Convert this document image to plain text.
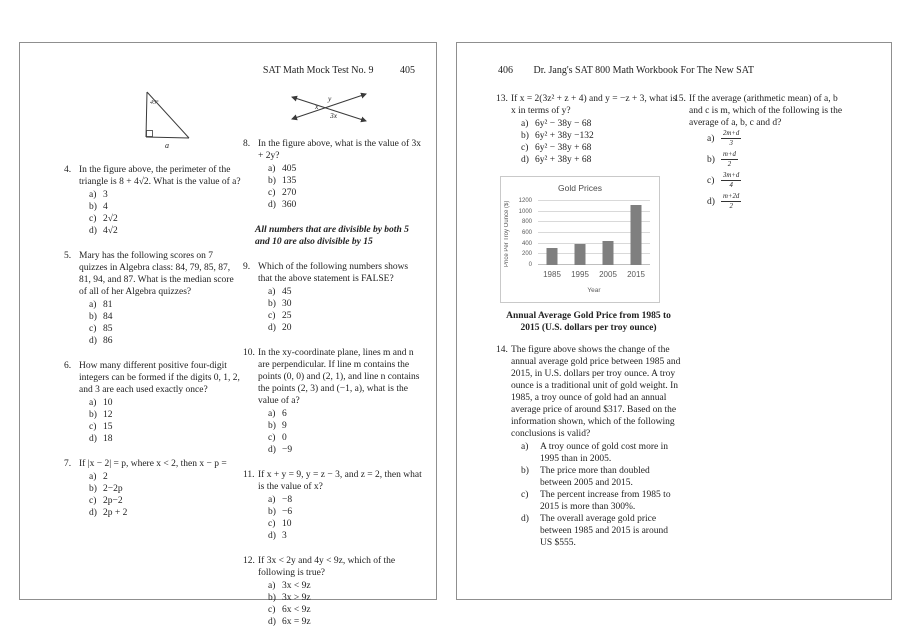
SAT Math Mock Test No. 9	405
45°
a
4. In the figure above, the perimeter of the triangle is 8 + 4√2. What is the value of a?
a) 3
b) 4
c) 2√2
d) 4√2
5. Mary has the following scores on 7 quizzes in Algebra class: 84, 79, 85, 87, 81, 94, and 87. What is the median score of all of her Algebra quizzes?
a) 81
b) 84
c) 85
d) 86
6. How many different positive four-digit integers can be formed if the digits 0, 1, 2, and 3 are each used exactly once?
a) 10
b) 12
c) 15
d) 18
7. If |x − 2| = p, where x < 2, then x − p =
a) 2
b) 2−2p
c) 2p−2
d) 2p + 2
y
x
3x
8. In the figure above, what is the value of 3x + 2y?
a) 405
b) 135
c) 270
d) 360
All numbers that are divisible by both 5 and 10 are also divisible by 15
9. Which of the following numbers shows that the above statement is FALSE?
a) 45
b) 30
c) 25
d) 20
10. In the xy-coordinate plane, lines m and n are perpendicular. If line m contains the points (0, 0) and (2, 1), and line n contains the points (2, 3) and (−1, a), what is the value of a?
a) 6
b) 9
c) 0
d) −9
11. If x + y = 9, y = z − 3, and z = 2, then what is the value of x?
a) −8
b) −6
c) 10
d) 3
12. If 3x < 2y and 4y < 9z, which of the following is true?
a) 3x < 9z
b) 3x > 9z
c) 6x < 9z
d) 6x = 9z
406 Dr. Jang's SAT 800 Math Workbook For The New SAT
13. If x = 2(3z² + z + 4) and y = −z + 3, what is x in terms of y?
a) 6y² − 38y − 68
b) 6y² + 38y −132
c) 6y² − 38y + 68
d) 6y² + 38y + 68
Gold Prices
Price Per Troy Ounce ($)	0
200
400
600
800
1000
1200
1985	1995	2005	2015
Year
Annual Average Gold Price from 1985 to 2015 (U.S. dollars per troy ounce)
14. The figure above shows the change of the annual average gold price between 1985 and 2015, in U.S. dollars per troy ounce. A troy ounce is a traditional unit of gold weight. In 1985, a troy ounce of gold had an annual average price of around $317. Based on the information shown, which of the following conclusions is valid?
a)	A troy ounce of gold cost more in 1995 than in 2005.
b)	The price more than doubled between 2005 and 2015.
c)	The percent increase from 1985 to 2015 is more than 300%.
d)	The overall average gold price between 1985 and 2015 is around US $555.
15. If the average (arithmetic mean) of a, b and c is m, which of the following is the average of a, b, c and d?
$a) \frac{2m+d}{3}$
$b) \frac{m+d}{2}$
$c) \frac{3m+d}{4}$
$d) \frac{m+2d}{2}$
